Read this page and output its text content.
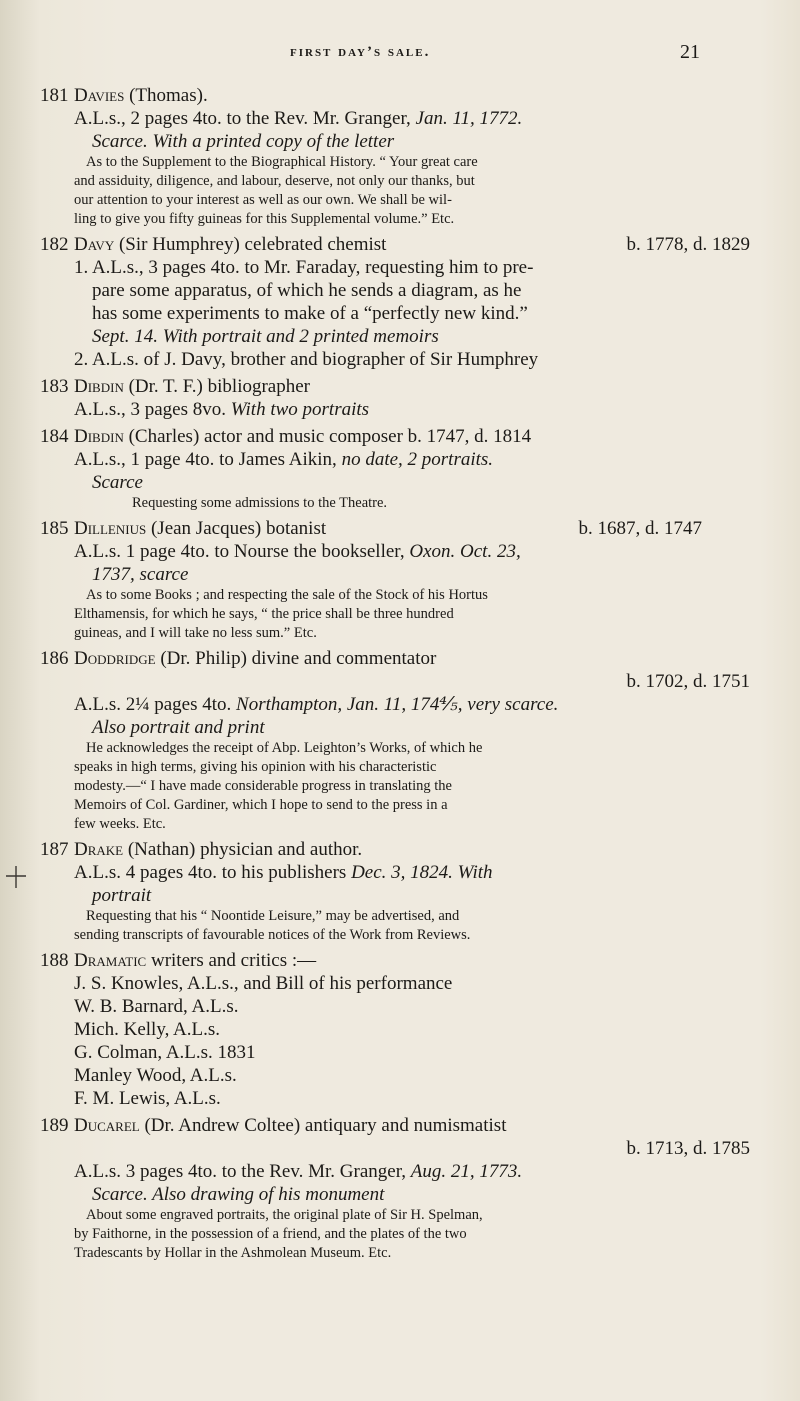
first day’s sale.	21
181 Davies (Thomas).
A.L.s., 2 pages 4to. to the Rev. Mr. Granger, Jan. 11, 1772.
Scarce. With a printed copy of the letter
As to the Supplement to the Biographical History. “ Your great care
and assiduity, diligence, and labour, deserve, not only our thanks, but
our attention to your interest as well as our own. We shall be wil-
ling to give you fifty guineas for this Supplemental volume.” Etc.
182 Davy (Sir Humphrey) celebrated chemist	b. 1778, d. 1829
1. A.L.s., 3 pages 4to. to Mr. Faraday, requesting him to pre-
pare some apparatus, of which he sends a diagram, as he
has some experiments to make of a “perfectly new kind.”
Sept. 14. With portrait and 2 printed memoirs
2. A.L.s. of J. Davy, brother and biographer of Sir Humphrey
183 Dibdin (Dr. T. F.) bibliographer
A.L.s., 3 pages 8vo. With two portraits
184 Dibdin (Charles) actor and music composer b. 1747, d. 1814
A.L.s., 1 page 4to. to James Aikin, no date, 2 portraits.
Scarce
Requesting some admissions to the Theatre.
185 Dillenius (Jean Jacques) botanist	b. 1687, d. 1747
A.L.s. 1 page 4to. to Nourse the bookseller, Oxon. Oct. 23,
1737, scarce
As to some Books ; and respecting the sale of the Stock of his Hortus
Elthamensis, for which he says, “ the price shall be three hundred
guineas, and I will take no less sum.” Etc.
186 Doddridge (Dr. Philip) divine and commentator
b. 1702, d. 1751

A.L.s. 2¼ pages 4to. Northampton, Jan. 11, 174⅘, very scarce.
Also portrait and print
He acknowledges the receipt of Abp. Leighton’s Works, of which he
speaks in high terms, giving his opinion with his characteristic
modesty.—“ I have made considerable progress in translating the
Memoirs of Col. Gardiner, which I hope to send to the press in a
few weeks. Etc.
187 Drake (Nathan) physician and author.
A.L.s. 4 pages 4to. to his publishers Dec. 3, 1824. With
portrait
Requesting that his “ Noontide Leisure,” may be advertised, and
sending transcripts of favourable notices of the Work from Reviews.
188 Dramatic writers and critics :—
J. S. Knowles, A.L.s., and Bill of his performance
W. B. Barnard, A.L.s.
Mich. Kelly, A.L.s.
G. Colman, A.L.s. 1831
Manley Wood, A.L.s.
F. M. Lewis, A.L.s.
189 Ducarel (Dr. Andrew Coltee) antiquary and numismatist
b. 1713, d. 1785

A.L.s. 3 pages 4to. to the Rev. Mr. Granger, Aug. 21, 1773.
Scarce. Also drawing of his monument
About some engraved portraits, the original plate of Sir H. Spelman,
by Faithorne, in the possession of a friend, and the plates of the two
Tradescants by Hollar in the Ashmolean Museum. Etc.
